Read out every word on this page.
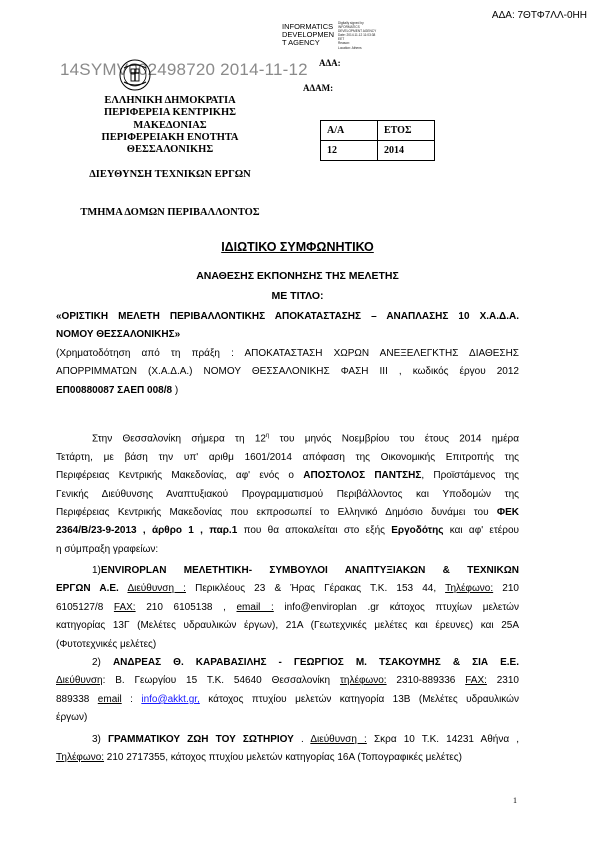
ΑΔΑ: 7ΘΤΦ7ΛΛ-0ΗΗ
INFORMATICS
DEVELOPMEN
T AGENCY
Digitally signed by
INFORMATICS
DEVELOPMENT AGENCY
Date: 2014.11.12 11:03:38
EET
Reason:
Location: Athens
14SYMV002498720 2014-11-12 ΑΔΑ:
ΑΔΑΜ:
ΕΛΛΗΝΙΚΗ ΔΗΜΟΚΡΑΤΙΑ
ΠΕΡΙΦΕΡΕΙΑ ΚΕΝΤΡΙΚΗΣ
ΜΑΚΕΔΟΝΙΑΣ
ΠΕΡΙΦΕΡΕΙΑΚΗ ΕΝΟΤΗΤΑ
ΘΕΣΣΑΛΟΝΙΚΗΣ
ΔΙΕΥΘΥΝΣΗ ΤΕΧΝΙΚΩΝ ΕΡΓΩΝ
ΤΜΗΜΑ ΔΟΜΩΝ ΠΕΡΙΒΑΛΛΟΝΤΟΣ
Α/Α	ΕΤΟΣ
12	2014
ΙΔΙΩΤΙΚΟ ΣΥΜΦΩΝΗΤΙΚΟ
ΑΝΑΘΕΣΗΣ ΕΚΠΟΝΗΣΗΣ ΤΗΣ ΜΕΛΕΤΗΣ
ΜΕ ΤΙΤΛΟ:
«ΟΡΙΣΤΙΚΗ ΜΕΛΕΤΗ ΠΕΡΙΒΑΛΛΟΝΤΙΚΗΣ ΑΠΟΚΑΤΑΣΤΑΣΗΣ – ΑΝΑΠΛΑΣΗΣ 10 Χ.Α.Δ.Α.
ΝΟΜΟΥ ΘΕΣΣΑΛΟΝΙΚΗΣ»
(Χρηματοδότηση από τη πράξη : ΑΠΟΚΑΤΑΣΤΑΣΗ ΧΩΡΩΝ ΑΝΕΞΕΛΕΓΚΤΗΣ ΔΙΑΘΕΣΗΣ
ΑΠΟΡΡΙΜΜΑΤΩΝ (Χ.Α.Δ.Α.) ΝΟΜΟΥ ΘΕΣΣΑΛΟΝΙΚΗΣ ΦΑΣΗ ΙΙΙ , κωδικός έργου 2012
ΕΠ00880087 ΣΑΕΠ 008/8 )
Στην Θεσσαλονίκη σήμερα τη $12^\eta$ του μηνός Νοεμβρίου του έτους 2014 ημέρα
Τετάρτη, με βάση την υπ' αριθμ 1601/2014 απόφαση της Οικονομικής Επιτροπής της
Περιφέρειας Κεντρικής Μακεδονίας, αφ' ενός ο ΑΠΟΣΤΟΛΟΣ ΠΑΝΤΣΗΣ, Προϊστάμενος της
Γενικής Διεύθυνσης Αναπτυξιακού Προγραμματισμού Περιβάλλοντος και Υποδομών της
Περιφέρειας Κεντρικής Μακεδονίας που εκπροσωπεί το Ελληνικό Δημόσιο δυνάμει του ΦΕΚ
2364/Β/23-9-2013 , άρθρο 1 , παρ.1 που θα αποκαλείται στο εξής Εργοδότης και αφ' ετέρου
η σύμπραξη γραφείων:
1)ENVIROPLAN ΜΕΛΕΤΗΤΙΚΗ- ΣΥΜΒΟΥΛΟΙ ΑΝΑΠΤΥΞΙΑΚΩΝ & ΤΕΧΝΙΚΩΝ
ΕΡΓΩΝ Α.Ε. Διεύθυνση : Περικλέους 23 & Ήρας Γέρακας Τ.Κ. 153 44, Τηλέφωνο: 210
6105127/8 FAX: 210 6105138 , email : info@enviroplan .gr κάτοχος πτυχίων μελετών
κατηγορίας 13Γ (Μελέτες υδραυλικών έργων), 21Α (Γεωτεχνικές μελέτες και έρευνες) και 25Α
(Φυτοτεχνικές μελέτες)
2) ΑΝΔΡΕΑΣ Θ. ΚΑΡΑΒΑΣΙΛΗΣ - ΓΕΩΡΓΙΟΣ Μ. ΤΣΑΚΟΥΜΗΣ & ΣΙΑ Ε.Ε.
Διεύθυνση: Β. Γεωργίου 15 Τ.Κ. 54640 Θεσσαλονίκη τηλέφωνο: 2310-889336 FAX: 2310
889338 email : info@akkt.gr, κάτοχος πτυχίου μελετών κατηγορία 13Β (Μελέτες υδραυλικών
έργων)
3) ΓΡΑΜΜΑΤΙΚΟΥ ΖΩΗ ΤΟΥ ΣΩΤΗΡΙΟΥ . Διεύθυνση : Σκρα 10 Τ.Κ. 14231 Αθήνα ,
Τηλέφωνο: 210 2717355, κάτοχος πτυχίου μελετών κατηγορίας 16Α (Τοπογραφικές μελέτες)
1
